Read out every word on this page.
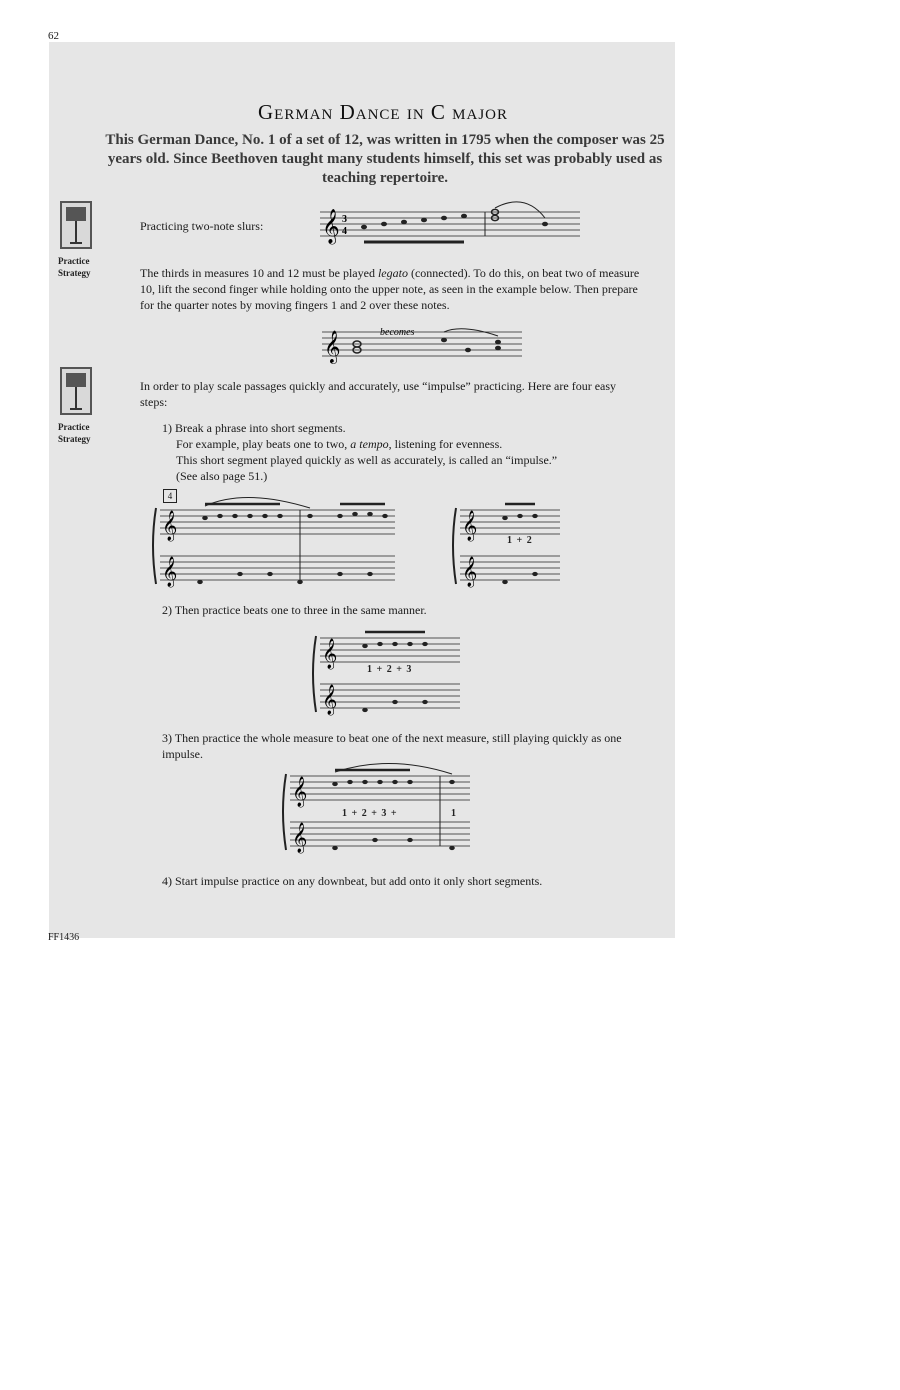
62
German Dance in C major
This German Dance, No. 1 of a set of 12, was written in 1795 when the composer was 25 years old. Since Beethoven taught many students himself, this set was probably used as teaching repertoire.
Practice
Strategy
Practicing two-note slurs: 𝄞 3
4
The thirds in measures 10 and 12 must be played legato (connected). To do this, on beat two of measure 10, lift the second finger while holding onto the upper note, as seen in the example below. Then prepare for the quarter notes by moving fingers 1 and 2 over these notes.
𝄞	becomes
Practice
Strategy
In order to play scale passages quickly and accurately, use “impulse” practicing. Here are four easy steps:
1) Break a phrase into short segments.
For example, play beats one to two, a tempo, listening for evenness.
This short segment played quickly as well as accurately, is called an “impulse.”
(See also page 51.)
4
𝄞
𝄞
𝄞
𝄞
1 + 2
2) Then practice beats one to three in the same manner.
𝄞
𝄞
1 + 2 + 3
3) Then practice the whole measure to beat one of the next measure, still playing quickly as one impulse.
𝄞
𝄞
1 + 2 + 3 +	1
4) Start impulse practice on any downbeat, but add onto it only short segments.
FF1436
